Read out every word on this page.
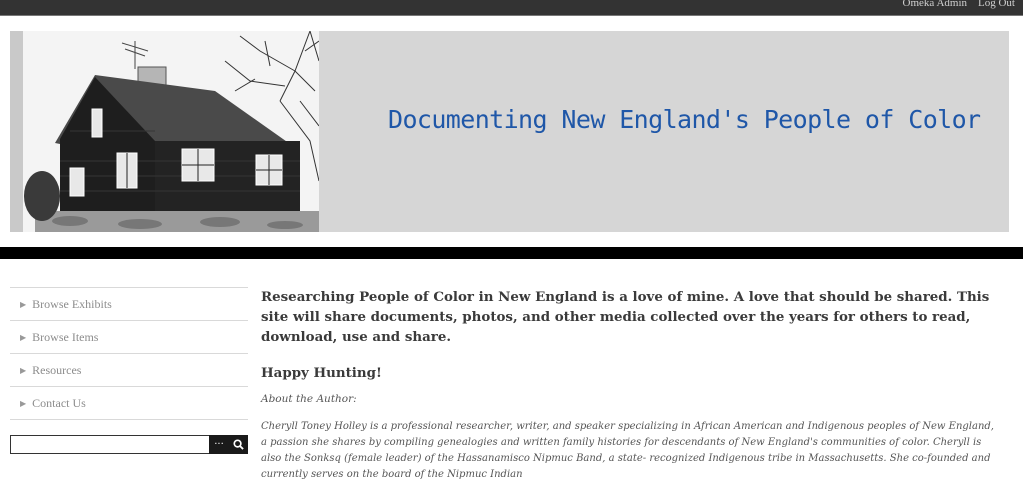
Omeka Admin Log Out
Documenting New England's People of Color
▶ Browse Exhibits
▶ Browse Items
▶ Resources
▶ Contact Us
···

Researching People of Color in New England is a love of mine. A love that should be shared. This site will share documents, photos, and other media collected over the years for others to read, download, use and share.

Happy Hunting!

About the Author:

Cheryll Toney Holley is a professional researcher, writer, and speaker specializing in African American and Indigenous peoples of New England, a passion she shares by compiling genealogies and written family histories for descendants of New England's communities of color. Cheryll is also the Sonksq (female leader) of the Hassanamisco Nipmuc Band, a state- recognized Indigenous tribe in Massachusetts. She co-founded and currently serves on the board of the Nipmuc Indian
